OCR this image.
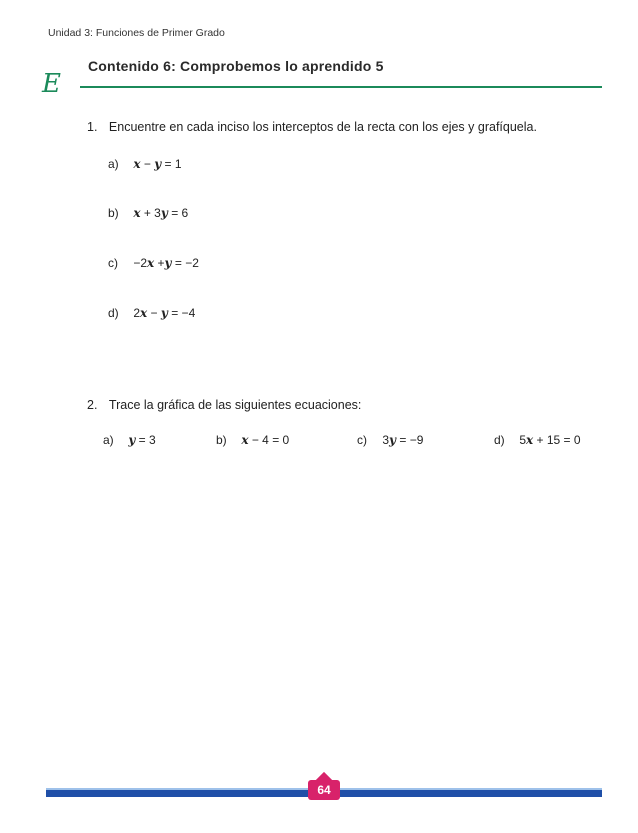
Unidad 3: Funciones de Primer Grado
E
Contenido 6: Comprobemos lo aprendido 5
1. Encuentre en cada inciso los interceptos de la recta con los ejes y grafíquela.
a) x − y = 1
b) x + 3y = 6
c) −2x +y = −2
d) 2x − y = −4
2. Trace la gráfica de las siguientes ecuaciones:
a) y = 3	b) x − 4 = 0	c) 3y = −9	d) 5x + 15 = 0
64
